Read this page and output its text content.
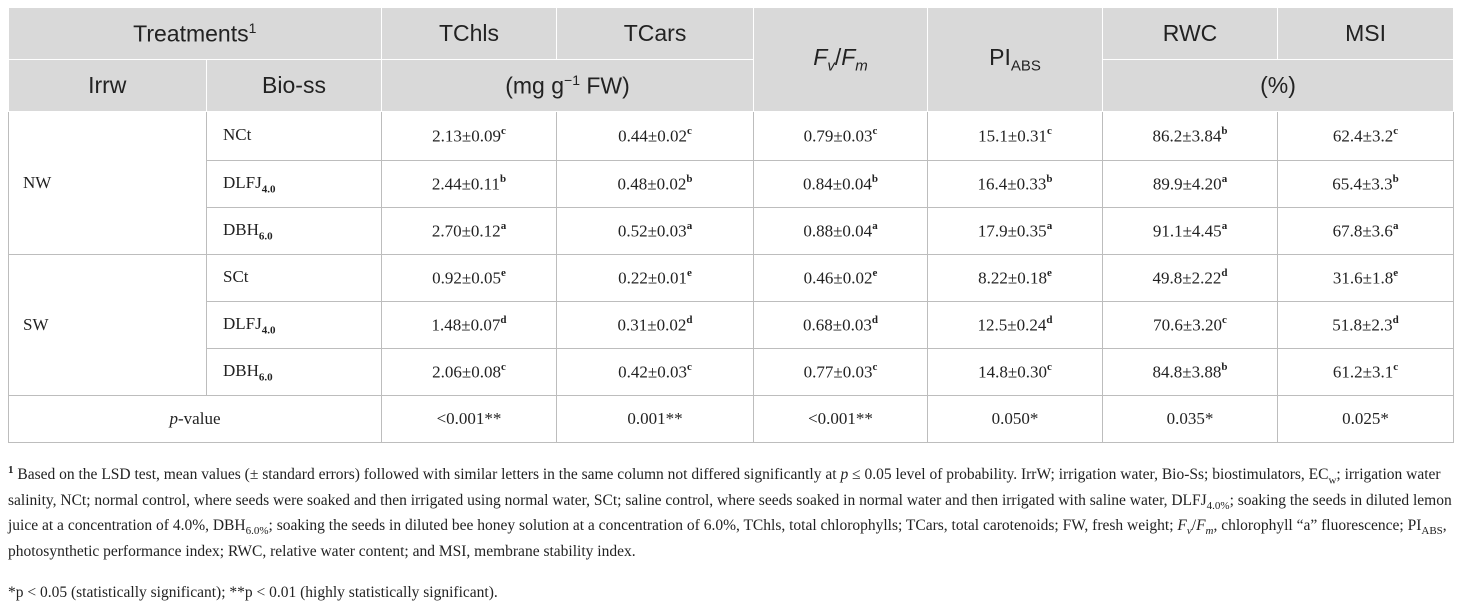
Treatments$^1$		TChls	TCars	$F_v/F_m$	$PI_{ABS}$	RWC	MSI
Irrw	Bio-ss	(mg $g^{-1}$ FW)				(%)	
NW	NCt	2.13±0.09$^c$	0.44±0.02$^c$	0.79±0.03$^c$	15.1±0.31$^c$	86.2±3.84$^b$	62.4±3.2$^c$
	$DLFJ_{4.0}$	2.44±0.11$^b$	0.48±0.02$^b$	0.84±0.04$^b$	16.4±0.33$^b$	89.9±4.20$^a$	65.4±3.3$^b$
	$DBH_{6.0}$	2.70±0.12$^a$	0.52±0.03$^a$	0.88±0.04$^a$	17.9±0.35$^a$	91.1±4.45$^a$	67.8±3.6$^a$
SW	SCt	0.92±0.05$^e$	0.22±0.01$^e$	0.46±0.02$^e$	8.22±0.18$^e$	49.8±2.22$^d$	31.6±1.8$^e$
	$DLFJ_{4.0}$	1.48±0.07$^d$	0.31±0.02$^d$	0.68±0.03$^d$	12.5±0.24$^d$	70.6±3.20$^c$	51.8±2.3$^d$
	$DBH_{6.0}$	2.06±0.08$^c$	0.42±0.03$^c$	0.77±0.03$^c$	14.8±0.30$^c$	84.8±3.88$^b$	61.2±3.1$^c$
p-value		<0.001**	0.001**	<0.001**	0.050*	0.035*	0.025*
$^1$ Based on the LSD test, mean values (± standard errors) followed with similar letters in the same column not differed significantly at p ≤ 0.05 level of probability. IrrW; irrigation water, Bio-Ss; biostimulators, $EC_w$; irrigation water salinity, NCt; normal control, where seeds were soaked and then irrigated using normal water, SCt; saline control, where seeds soaked in normal water and then irrigated with saline water, $DLFJ_{4.0\%}$; soaking the seeds in diluted lemon juice at a concentration of 4.0%, $DBH_{6.0\%}$; soaking the seeds in diluted bee honey solution at a concentration of 6.0%, TChls, total chlorophylls; TCars, total carotenoids; FW, fresh weight; $F_v/F_m$, chlorophyll “a” fluorescence; $PI_{ABS}$, photosynthetic performance index; RWC, relative water content; and MSI, membrane stability index.
*p < 0.05 (statistically significant); **p < 0.01 (highly statistically significant).
